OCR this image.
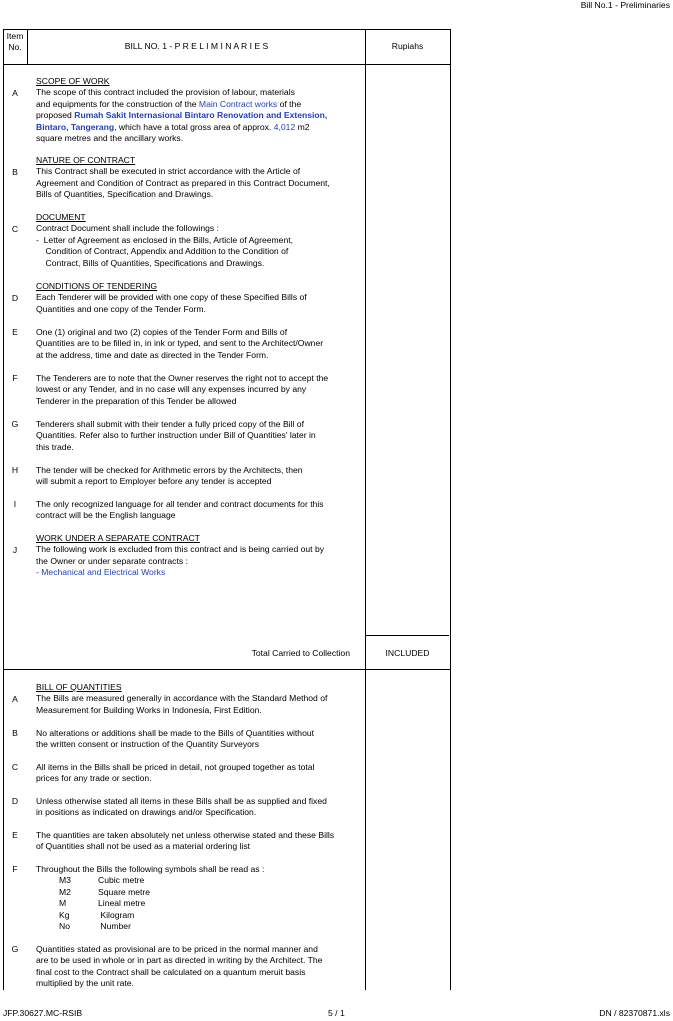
Bill No.1 - Preliminaries
Item
No.	BILL NO. 1 - P R E L I M I N A R I E S	Rupiahs
A
SCOPE OF WORK
The scope of this contract included the provision of labour, materials
and equipments for the construction of the Main Contract works of the
proposed Rumah Sakit Internasional Bintaro Renovation and Extension,
Bintaro, Tangerang, which have a total gross area of approx. 4,012 m2
square metres and the ancillary works.
B
NATURE OF CONTRACT
This Contract shall be executed in strict accordance with the Article of
Agreement and Condition of Contract as prepared in this Contract Document,
Bills of Quantities, Specification and Drawings.
C
DOCUMENT
Contract Document shall include the followings :
-  Letter of Agreement as enclosed in the Bills, Article of Agreement,
Condition of Contract, Appendix and Addition to the Condition of
Contract, Bills of Quantities, Specifications and Drawings.
D
CONDITIONS OF TENDERING
Each Tenderer will be provided with one copy of these Specified Bills of
Quantities and one copy of the Tender Form.
E	One (1) original and two (2) copies of the Tender Form and Bills of
Quantities are to be filled in, in ink or typed, and sent to the Architect/Owner
at the address, time and date as directed in the Tender Form.
F	The Tenderers are to note that the Owner reserves the right not to accept the
lowest or any Tender, and in no case will any expenses incurred by any
Tenderer in the preparation of this Tender be allowed
G	Tenderers shall submit with their tender a fully priced copy of the Bill of
Quantities. Refer also to further instruction under Bill of Quantities' later in
this trade.
H	The tender will be checked for Arithmetic errors by the Architects, then
will submit a report to Employer before any tender is accepted
I	The only recognized language for all tender and contract documents for this
contract will be the English language
J
WORK UNDER A SEPARATE CONTRACT
The following work is excluded from this contract and is being carried out by
the Owner or under separate contracts :
- Mechanical and Electrical Works
Total Carried to Collection	INCLUDED
A
BILL OF QUANTITIES
The Bills are measured generally in accordance with the Standard Method of
Measurement for Building Works in Indonesia, First Edition.
B	No alterations or additions shall be made to the Bills of Quantities without
the written consent or instruction of the Quantity Surveyors
C	All items in the Bills shall be priced in detail, not grouped together as total
prices for any trade or section.
D	Unless otherwise stated all items in these Bills shall be as supplied and fixed
in positions as indicated on drawings and/or Specification.
E	The quantities are taken absolutely net unless otherwise stated and these Bills
of Quantities shall not be used as a material ordering list
F	Throughout the Bills the following symbols shall be read as :
M3	Cubic metre
M2	Square metre
M	Lineal metre
Kg	Kilogram
No	Number
G	Quantities stated as provisional are to be priced in the normal manner and
are to be used in whole or in part as directed in writing by the Architect. The
final cost to the Contract shall be calculated on a quantum meruit basis
multiplied by the unit rate.
JFP.30627.MC-RSIB	5 / 1	DN / 82370871.xls
